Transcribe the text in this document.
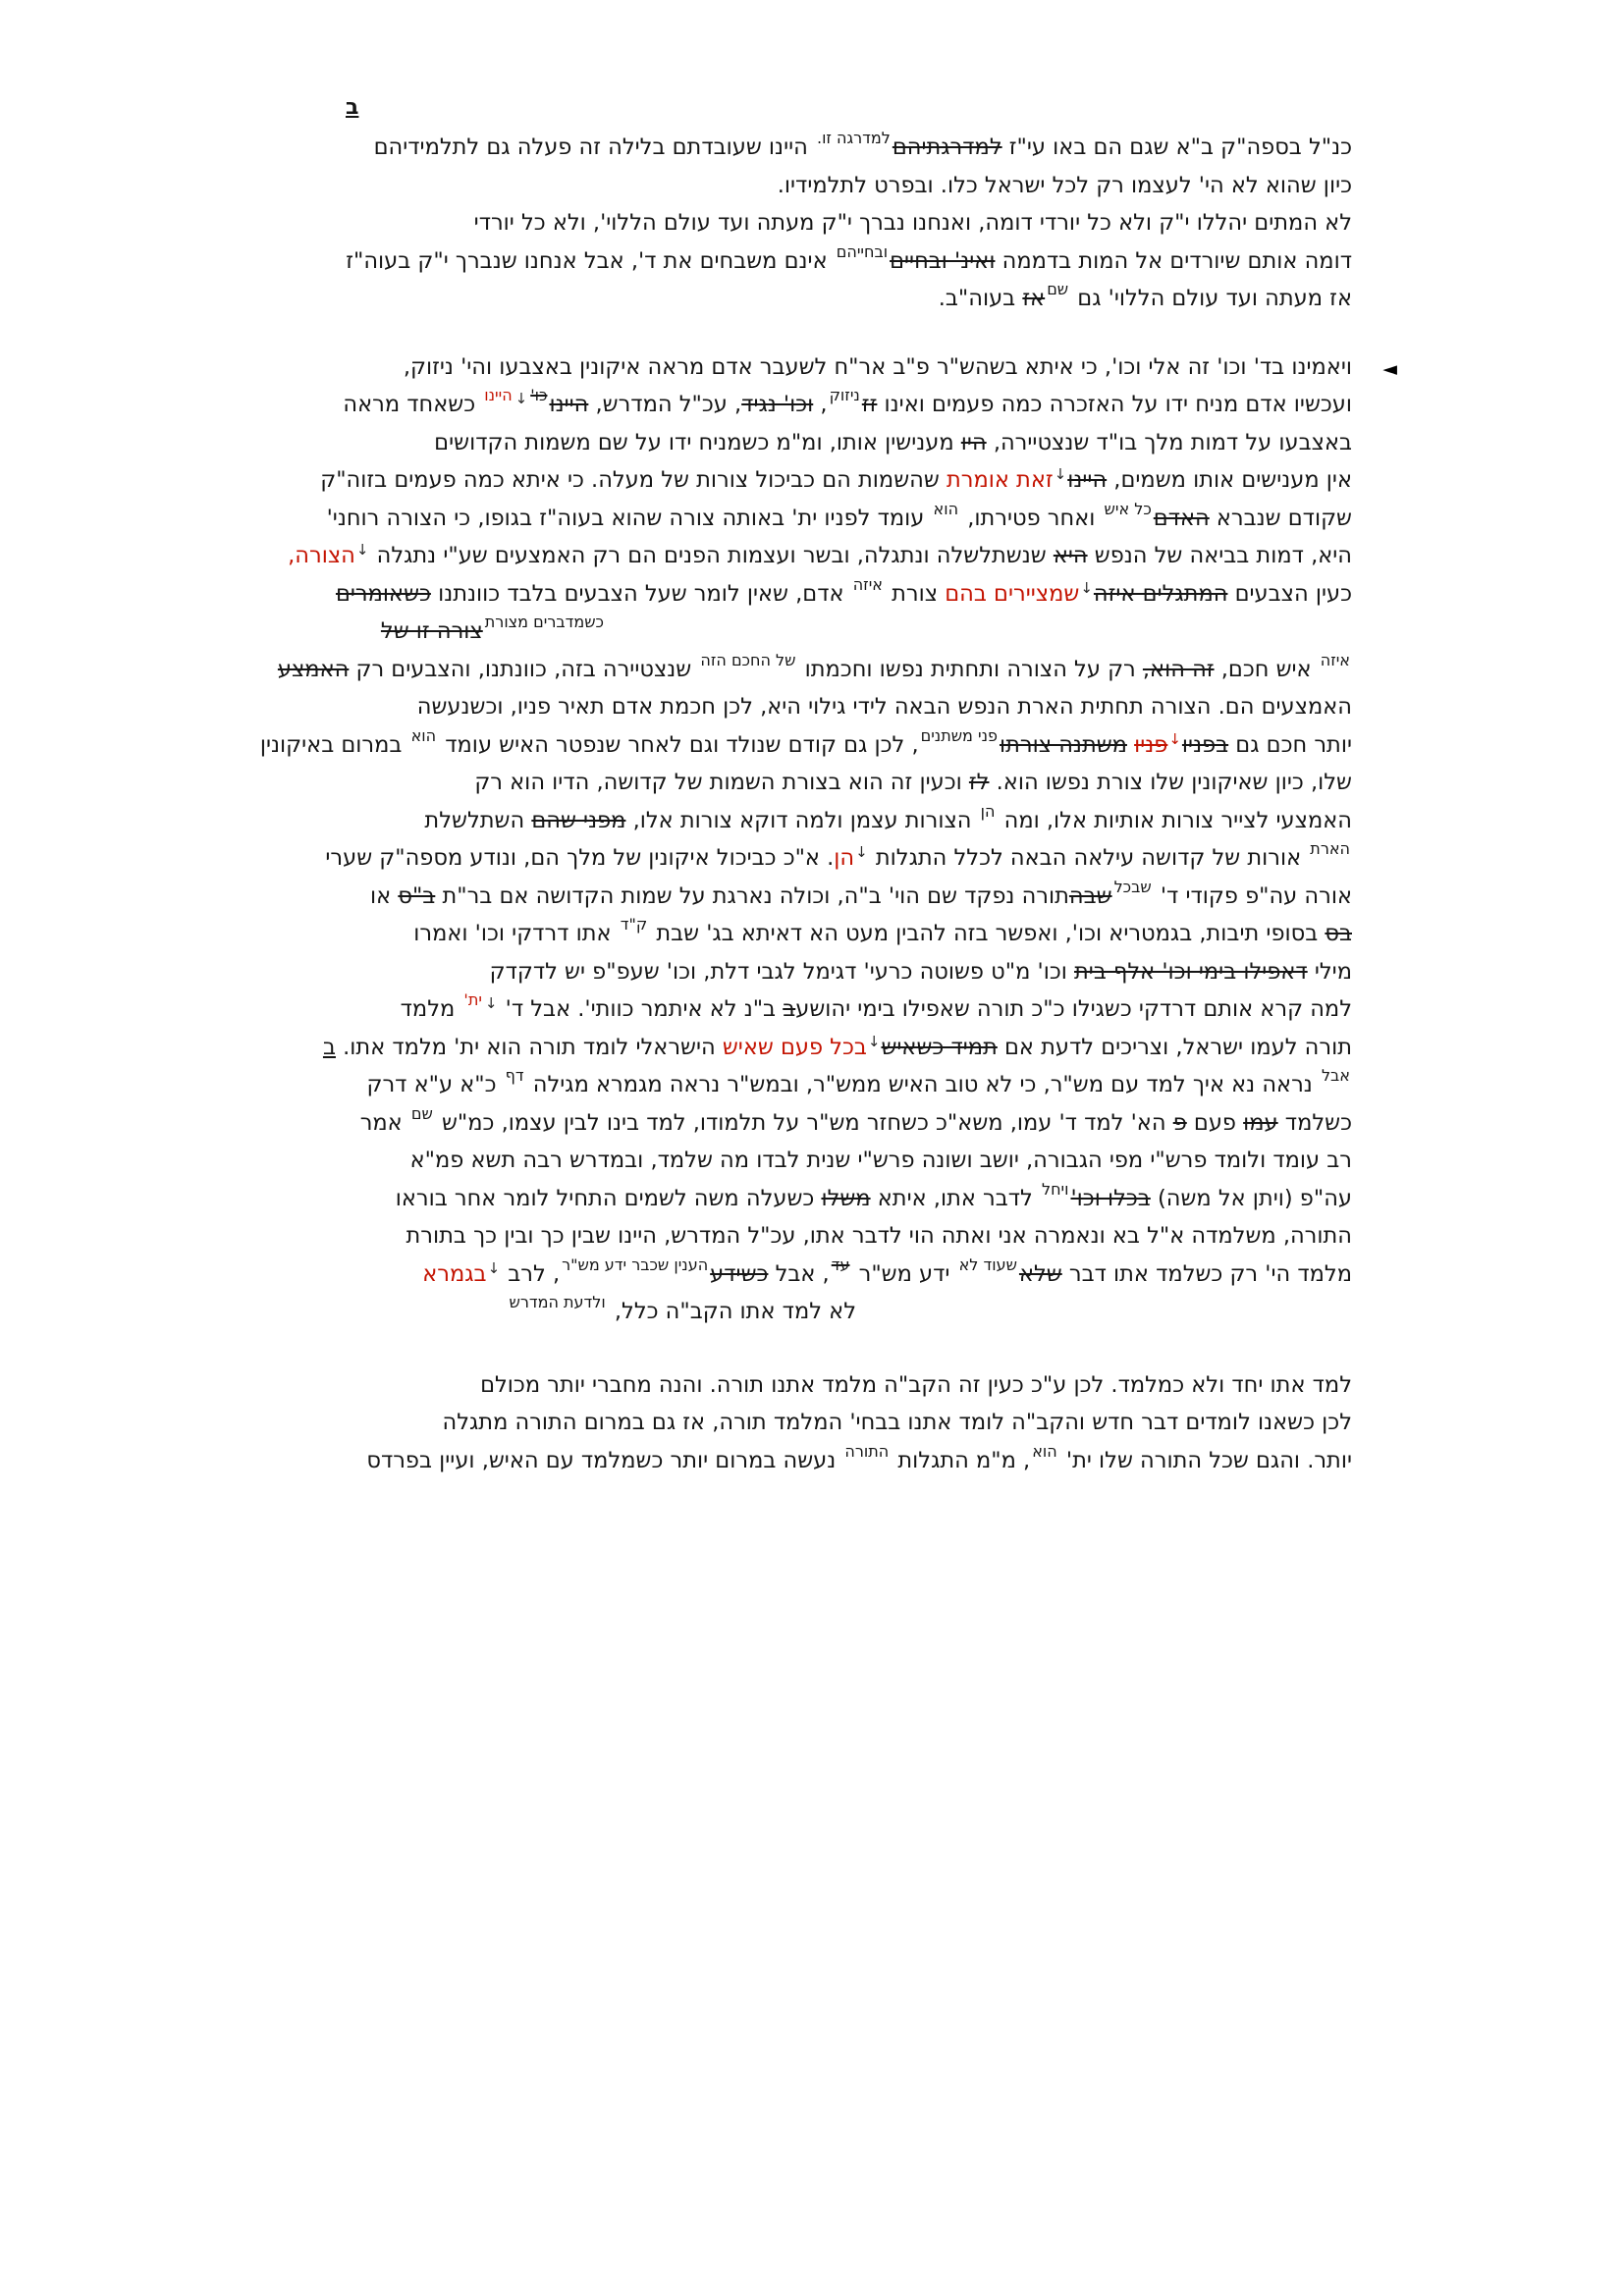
ב
כנ"ל בספה"ק ב"א שגם הם באו עי"ז למדרגתיהם$^{למדרגה זו.}$ היינו שעובדתם בלילה זה פעלה גם לתלמידיהם
כיון שהוא לא הי' לעצמו רק לכל ישראל כלו. ובפרט לתלמידיו.
לא המתים יהללו י"ק ולא כל יורדי דומה, ואנחנו נברך י"ק מעתה ועד עולם הללוי', ולא כל יורדי
דומה אותם שיורדים אל המות בדממה ואינ' ובחיים$^{ובחייהם}$ אינם משבחים את ד', אבל אנחנו שנברך י"ק בעוה"ז
אז מעתה ועד עולם הללוי' גם $^{שם}$אז בעוה"ב.
◄
ויאמינו בד' וכו' זה אלי וכו', כי איתא בשהש"ר פ"ב אר"ח לשעבר אדם מראה איקונין באצבעו והי' ניזוק,
ועכשיו אדם מניח ידו על האזכרה כמה פעמים ואינו זז$^{ניזוק}$, וכו' נגיד, עכ"ל המדרש, היינו$^{כו'↓היינו}$ כשאחד מראה
באצבעו על דמות מלך בו"ד שנצטיירה, היו מענישין אותו, ומ"מ כשמניח ידו על שם משמות הקדושים
אין מענישים אותו משמים, היינו↓זאת אומרת שהשמות הם כביכול צורות של מעלה. כי איתא כמה פעמים בזוה"ק
שקודם שנברא האדם$^{כל איש}$ ואחר פטירתו, $^{הוא}$ עומד לפניו ית' באותה צורה שהוא בעוה"ז בגופו, כי הצורה רוחני'
היא, דמות בביאה של הנפש היא שנשתלשלה ונתגלה, ובשר ועצמות הפנים הם רק האמצעים שע"י נתגלה ↓הצורה,
כעין הצבעים המתגלים איזה↓שמציירים בהם צורת $^{איזה}$ אדם, שאין לומר שעל הצבעים בלבד כוונתנו כשאומרים
$^{כשמדברים מצורת}$צורה זו של
$^{איזה}$ איש חכם, זה הוא, רק על הצורה ותחתית נפשו וחכמתו $^{של החכם הזה}$ שנצטיירה בזה, כוונתנו, והצבעים רק האמצע
האמצעים הם. הצורה תחתית הארת הנפש הבאה לידי גילוי היא, לכן חכמת אדם תאיר פניו, וכשנעשה
יותר חכם גם בפניו↓פניו משתנה צורתו$^{פני משתנים}$, לכן גם קודם שנולד וגם לאחר שנפטר האיש עומד $^{הוא}$ במרום באיקונין
שלו, כיון שאיקונין שלו צורת נפשו הוא. לז וכעין זה הוא בצורת השמות של קדושה, הדיו הוא רק
האמצעי לצייר צורות אותיות אלו, ומה $^{הן}$ הצורות עצמן ולמה דוקא צורות אלו, מפני שהם השתלשלת
$^{הארת}$ אורות של קדושה עילאה הבאה לכלל התגלות ↓הן. א"כ כביכול איקונין של מלך הם, ונודע מספה"ק שערי
אורה עה"פ פקודי ד' $^{שבכל}$שבהתורה נפקד שם הוי' ב"ה, וכולה נארגת על שמות הקדושה אם בר"ת ב"ס או
בס בסופי תיבות, בגמטריא וכו', ואפשר בזה להבין מעט הא דאיתא בג' שבת $^{ק"ד}$ אתו דרדקי וכו' ואמרו
מילי דאפילו בימי וכו' אלף בית וכו' מ"ט פשוטה כרעי' דגימל לגבי דלת, וכו' שעפ"פ יש לדקדק
למה קרא אותם דרדקי כשגילו כ"כ תורה שאפילו בימי יהושעב ב"נ לא איתמר כוותי'. אבל ד' $^{↓ית'}$ מלמד
תורה לעמו ישראל, וצריכים לדעת אם תמיד כשאיש↓בכל פעם שאיש הישראלי לומד תורה הוא ית' מלמד אתו. ב
$^{אבל}$ נראה נא איך למד עם מש"ר, כי לא טוב האיש ממש"ר, ובמש"ר נראה מגמרא מגילה $^{דף}$ כ"א ע"א דרק
כשלמד עמו פעם פ הא' למד ד' עמו, משא"כ כשחזר מש"ר על תלמודו, למד בינו לבין עצמו, כמ"ש $^{שם}$ אמר
רב עומד ולומד פרש"י מפי הגבורה, יושב ושונה פרש"י שנית לבדו מה שלמד, ובמדרש רבה תשא פמ"א
עה"פ (ויתן אל משה) בכלו $וכו'^{ויחל}$ לדבר אתו, איתא משלו כשעלה משה לשמים התחיל לומר אחר בוראו
התורה, משלמדה א"ל בא ונאמרה אני ואתה הוי לדבר אתו, עכ"ל המדרש, היינו שבין כך ובין כך בתורת
מלמד הי' רק כשלמד אתו דבר שלא$^{שעוד לא}$ ידע מש"ר $^{עד}$, אבל כשידע$^{הענין שכבר ידע מש"ר}$, לרב ↓בגמרא
לא למד אתו הקב"ה כלל, $^{ולדעת המדרש}$
למד אתו יחד ולא כמלמד. לכן ע"כ כעין זה הקב"ה מלמד אתנו תורה. והנה מחברי יותר מכולם
לכן כשאנו לומדים דבר חדש והקב"ה לומד אתנו בבחי' המלמד תורה, אז גם במרום התורה מתגלה
יותר. והגם שכל התורה שלו ית' $^{הוא}$, מ"מ התגלות $^{התורה}$ נעשה במרום יותר כשמלמד עם האיש, ועיין בפרדס
